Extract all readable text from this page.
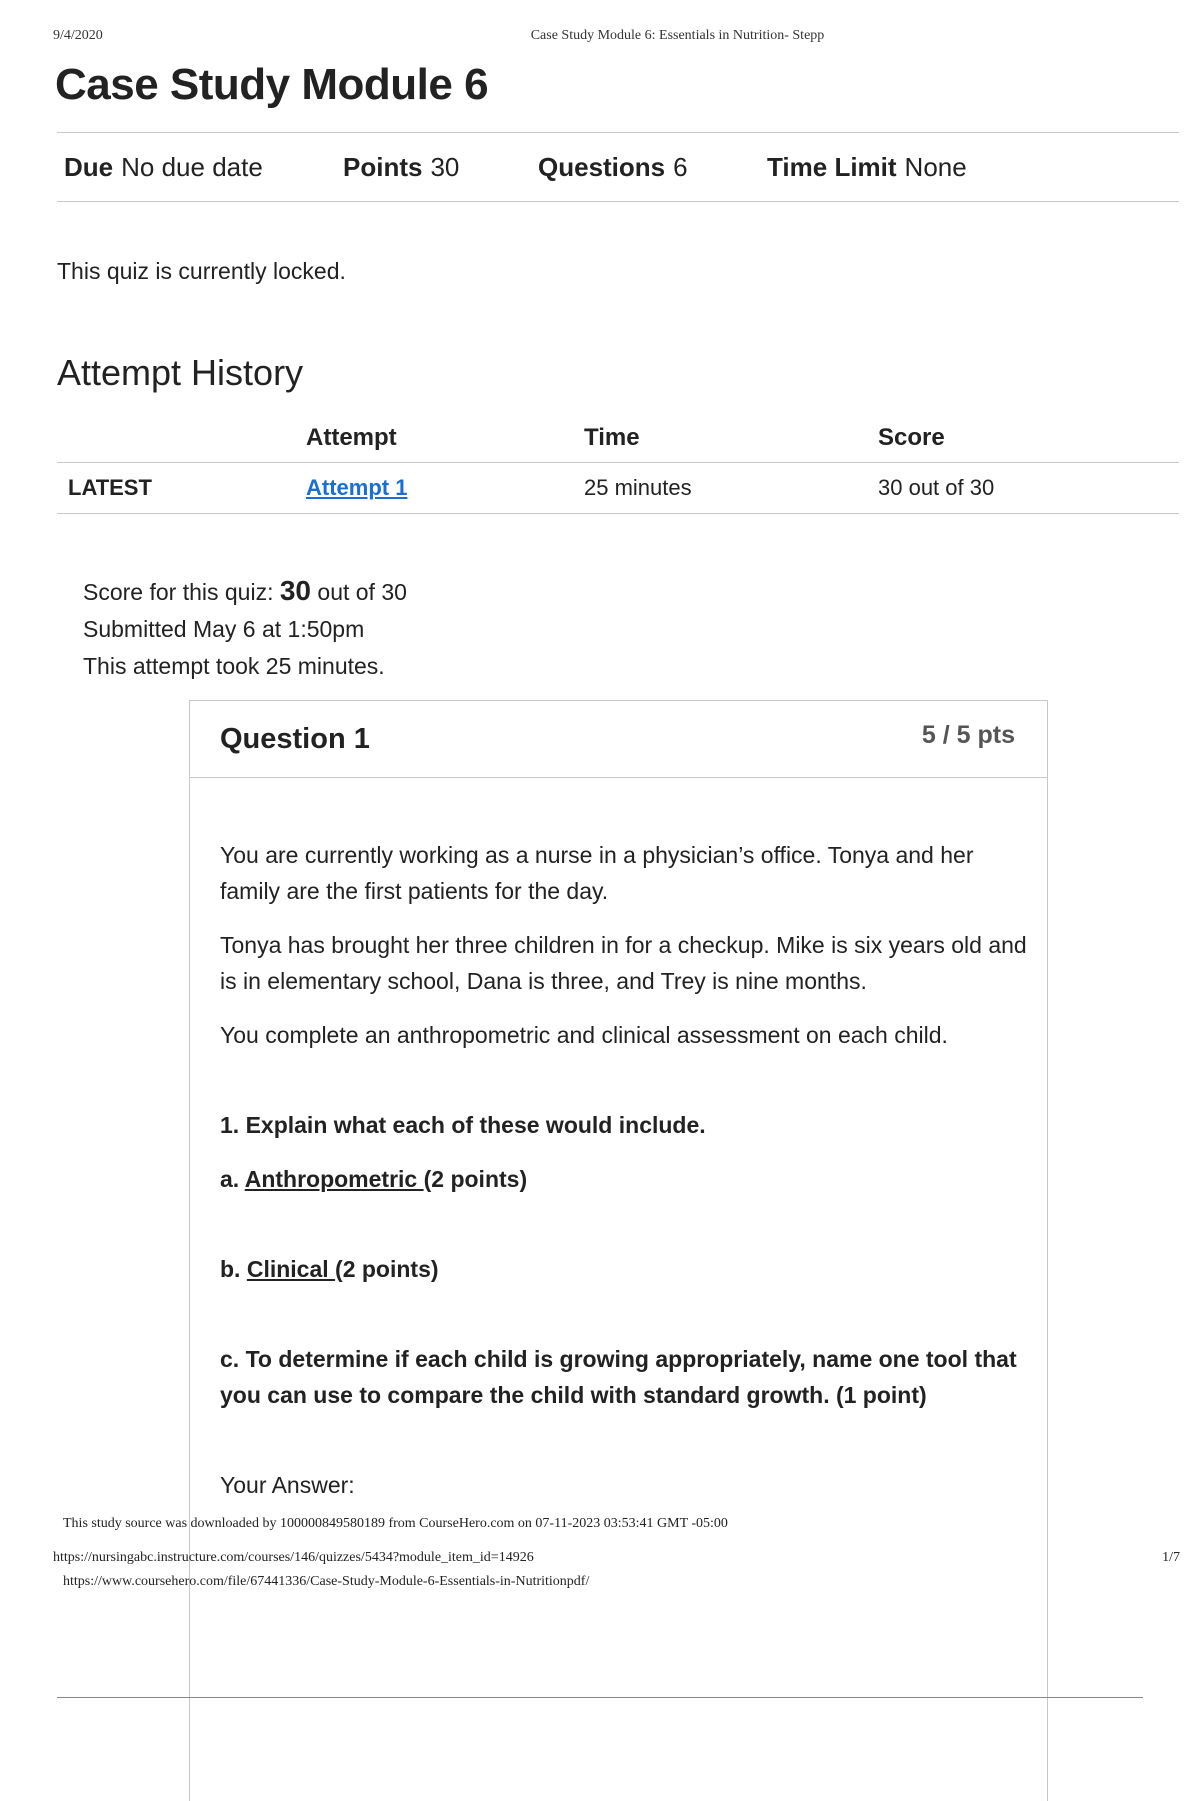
9/4/2020	Case Study Module 6: Essentials in Nutrition- Stepp
Case Study Module 6
Due No due date	Points 30	Questions 6	Time Limit None
This quiz is currently locked.
Attempt History
	Attempt	Time	Score
LATEST	Attempt 1	25 minutes	30 out of 30
Score for this quiz: 30 out of 30
Submitted May 6 at 1:50pm
This attempt took 25 minutes.
Question 1	5 / 5 pts

You are currently working as a nurse in a physician’s office. Tonya and her family are the first patients for the day.

Tonya has brought her three children in for a checkup. Mike is six years old and is in elementary school, Dana is three, and Trey is nine months.

You complete an anthropometric and clinical assessment on each child.

1. Explain what each of these would include.

a. Anthropometric (2 points)

b. Clinical (2 points)

c. To determine if each child is growing appropriately, name one tool that you can use to compare the child with standard growth. (1 point)

Your Answer:

This study source was downloaded by 100000849580189 from CourseHero.com on 07-11-2023 03:53:41 GMT -05:00
https://nursingabc.instructure.com/courses/146/quizzes/5434?module_item_id=14926	1/7
https://www.coursehero.com/file/67441336/Case-Study-Module-6-Essentials-in-Nutritionpdf/
